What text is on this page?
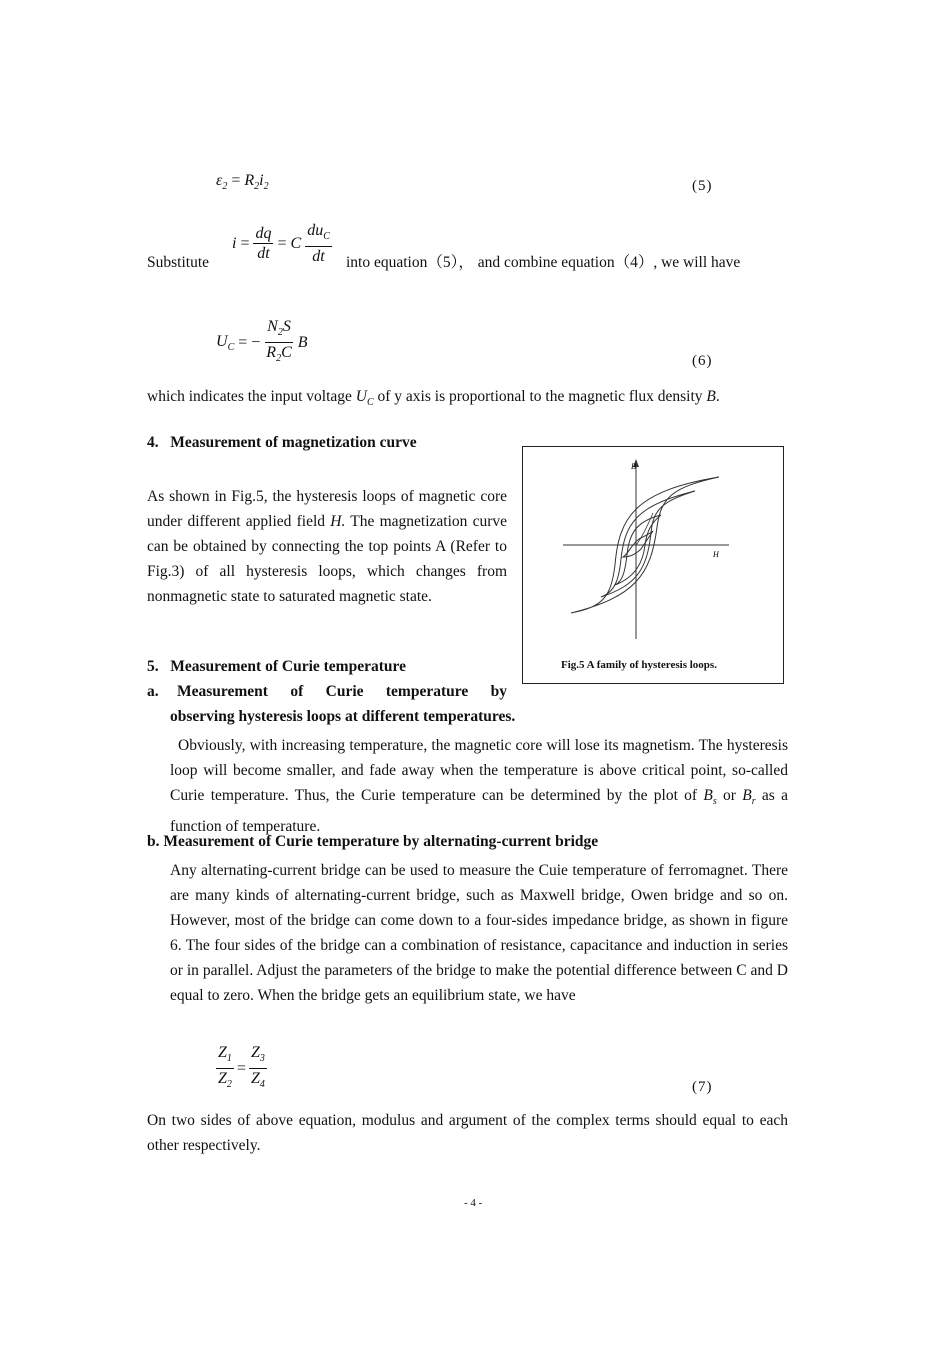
$\varepsilon_2 = R_2i_2$	(5)
Substitute
$i = \frac{dq}{dt} = C \frac{du_C}{dt}$ into equation（5）， and combine equation（4）, we will have
$U_C$ = − $\frac{N_2S}{R_2C}$ B
(6)
which indicates the input voltage $U_C$ of y axis is proportional to the magnetic flux density B.
4.   Measurement of magnetization curve
As shown in Fig.5, the hysteresis loops of magnetic core under different applied field H. The magnetization curve can be obtained by connecting the top points A (Refer to Fig.3) of all hysteresis loops, which changes from nonmagnetic state to saturated magnetic state.
B
H
Fig.5 A family of hysteresis loops.
5.   Measurement of Curie temperature
a. Measurement of Curie temperature by
observing hysteresis loops at different temperatures.
Obviously, with increasing temperature, the magnetic core will lose its magnetism. The hysteresis loop will become smaller, and fade away when the temperature is above critical point, so-called Curie temperature. Thus, the Curie temperature can be determined by the plot of $B_s$ or $B_r$ as a function of temperature.
b. Measurement of Curie temperature by alternating-current bridge
Any alternating-current bridge can be used to measure the Cuie temperature of ferromagnet. There are many kinds of alternating-current bridge, such as Maxwell bridge, Owen bridge and so on. However, most of the bridge can come down to a four-sides impedance bridge, as shown in figure 6. The four sides of the bridge can a combination of resistance, capacitance and induction in series or in parallel. Adjust the parameters of the bridge to make the potential difference between C and D equal to zero. When the bridge gets an equilibrium state, we have
$\frac{Z_1}{Z_2} = \frac{Z_3}{Z_4}$	(7)
On two sides of above equation, modulus and argument of the complex terms should equal to each other respectively.
- 4 -
